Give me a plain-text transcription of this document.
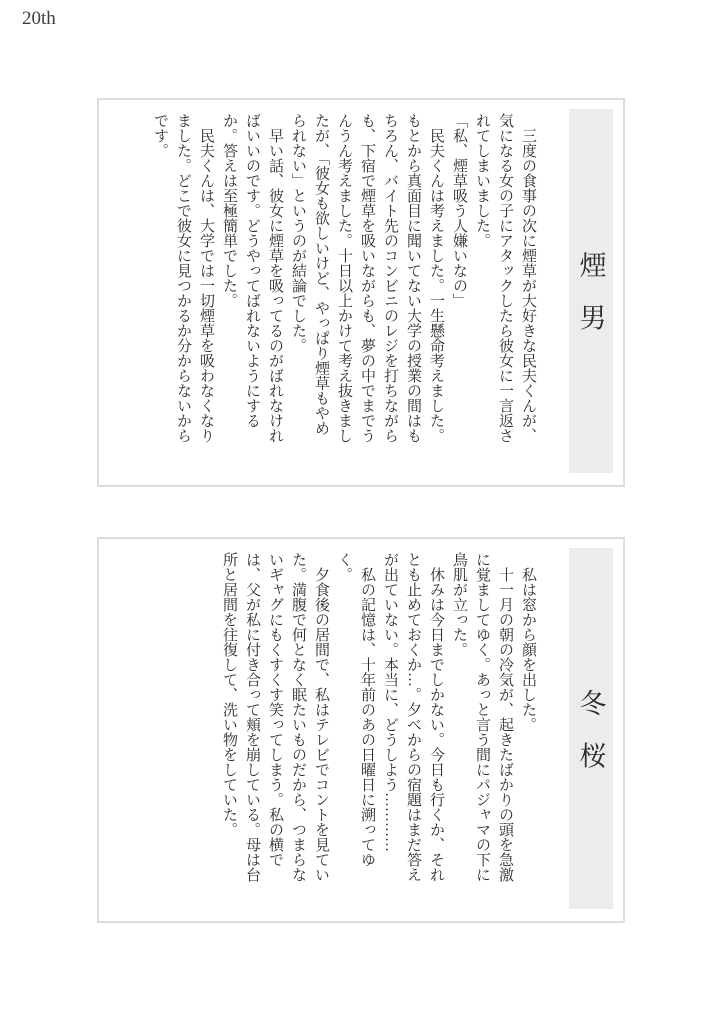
20th
煙男

三度の食事の次に煙草が大好きな民夫くんが、気になる女の子にアタックしたら彼女に一言返されてしまいました。

「私、煙草吸う人嫌いなの」

民夫くんは考えました。一生懸命考えました。もとから真面目に聞いてない大学の授業の間はもちろん、バイト先のコンビニのレジを打ちながらも、下宿で煙草を吸いながらも、夢の中でまでうんうん考えました。十日以上かけて考え抜きましたが、「彼女も欲しいけど、やっぱり煙草もやめられない」というのが結論でした。

早い話、彼女に煙草を吸ってるのがばれなければいいのです。どうやってばれないようにするか。答えは至極簡単でした。

民夫くんは、大学では一切煙草を吸わなくなりました。どこで彼女に見つかるか分からないからです。

冬桜

私は窓から顔を出した。

十一月の朝の冷気が、起きたばかりの頭を急激に覚ましてゆく。あっと言う間にパジャマの下に鳥肌が立った。

休みは今日までしかない。今日も行くか、それとも止めておくか…。夕べからの宿題はまだ答えが出ていない。本当に、どうしよう…………

私の記憶は、十年前のあの日曜日に溯ってゆく。

夕食後の居間で、私はテレビでコントを見ていた。満腹で何となく眠たいものだから、つまらないギャグにもくすくす笑ってしまう。私の横では、父が私に付き合って頬を崩している。母は台所と居間を往復して、洗い物をしていた。
